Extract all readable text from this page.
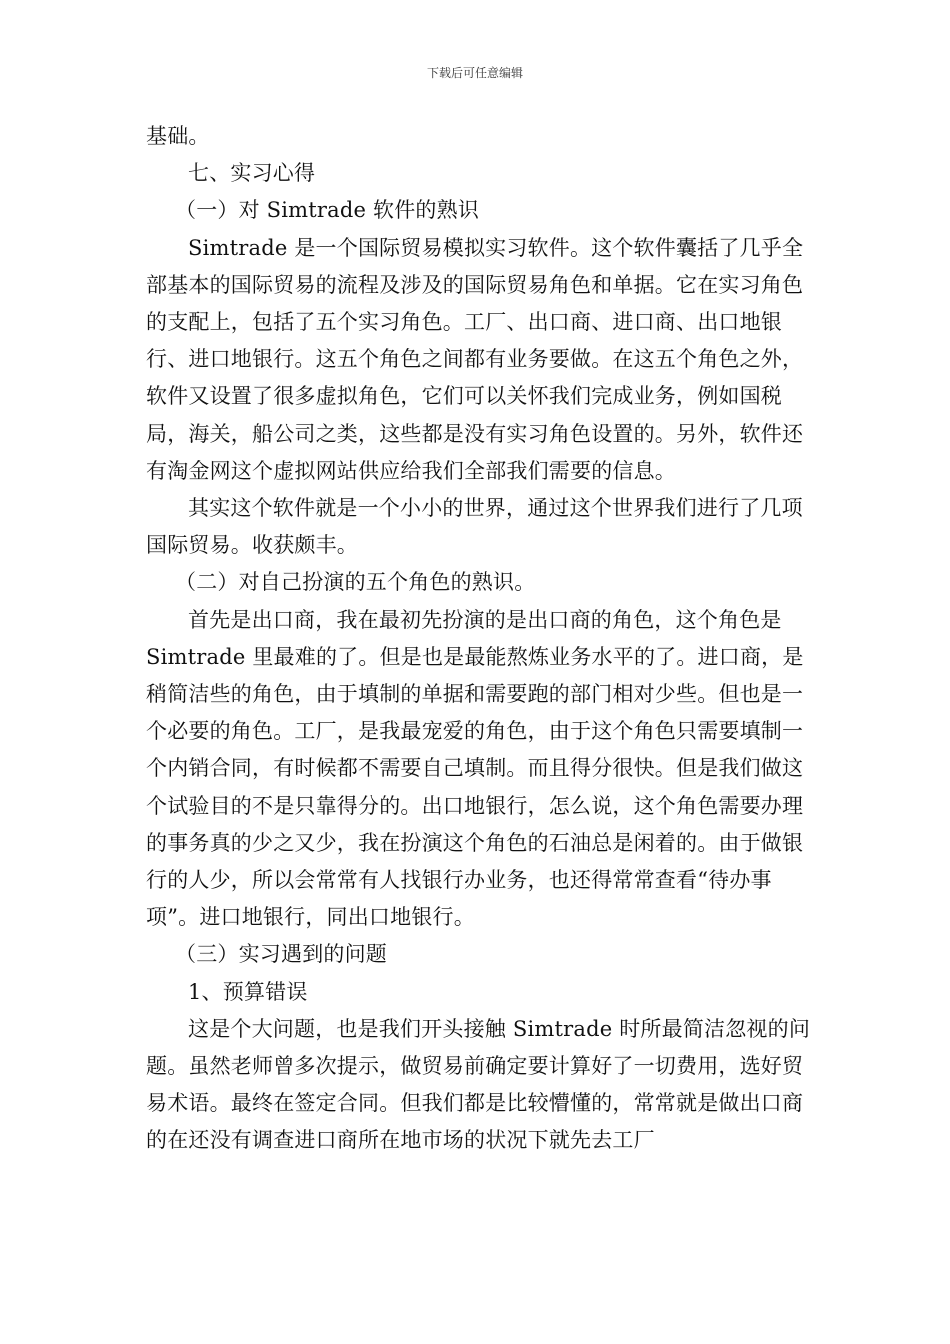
下载后可任意编辑

基础。

七、实习心得

（一）对 Simtrade 软件的熟识

Simtrade 是一个国际贸易模拟实习软件。这个软件囊括了几乎全部基本的国际贸易的流程及涉及的国际贸易角色和单据。它在实习角色的支配上，包括了五个实习角色。工厂、出口商、进口商、出口地银行、进口地银行。这五个角色之间都有业务要做。在这五个角色之外，软件又设置了很多虚拟角色，它们可以关怀我们完成业务，例如国税局，海关，船公司之类，这些都是没有实习角色设置的。另外，软件还有淘金网这个虚拟网站供应给我们全部我们需要的信息。

其实这个软件就是一个小小的世界，通过这个世界我们进行了几项国际贸易。收获颇丰。

（二）对自己扮演的五个角色的熟识。

首先是出口商，我在最初先扮演的是出口商的角色，这个角色是 Simtrade 里最难的了。但是也是最能熬炼业务水平的了。进口商，是稍简洁些的角色，由于填制的单据和需要跑的部门相对少些。但也是一个必要的角色。工厂，是我最宠爱的角色，由于这个角色只需要填制一个内销合同，有时候都不需要自己填制。而且得分很快。但是我们做这个试验目的不是只靠得分的。出口地银行，怎么说，这个角色需要办理的事务真的少之又少，我在扮演这个角色的石油总是闲着的。由于做银行的人少，所以会常常有人找银行办业务，也还得常常查看“待办事项”。进口地银行，同出口地银行。

（三）实习遇到的问题

1、预算错误

这是个大问题，也是我们开头接触 Simtrade 时所最简洁忽视的问题。虽然老师曾多次提示，做贸易前确定要计算好了一切费用，选好贸易术语。最终在签定合同。但我们都是比较懵懂的，常常就是做出口商的在还没有调查进口商所在地市场的状况下就先去工厂
